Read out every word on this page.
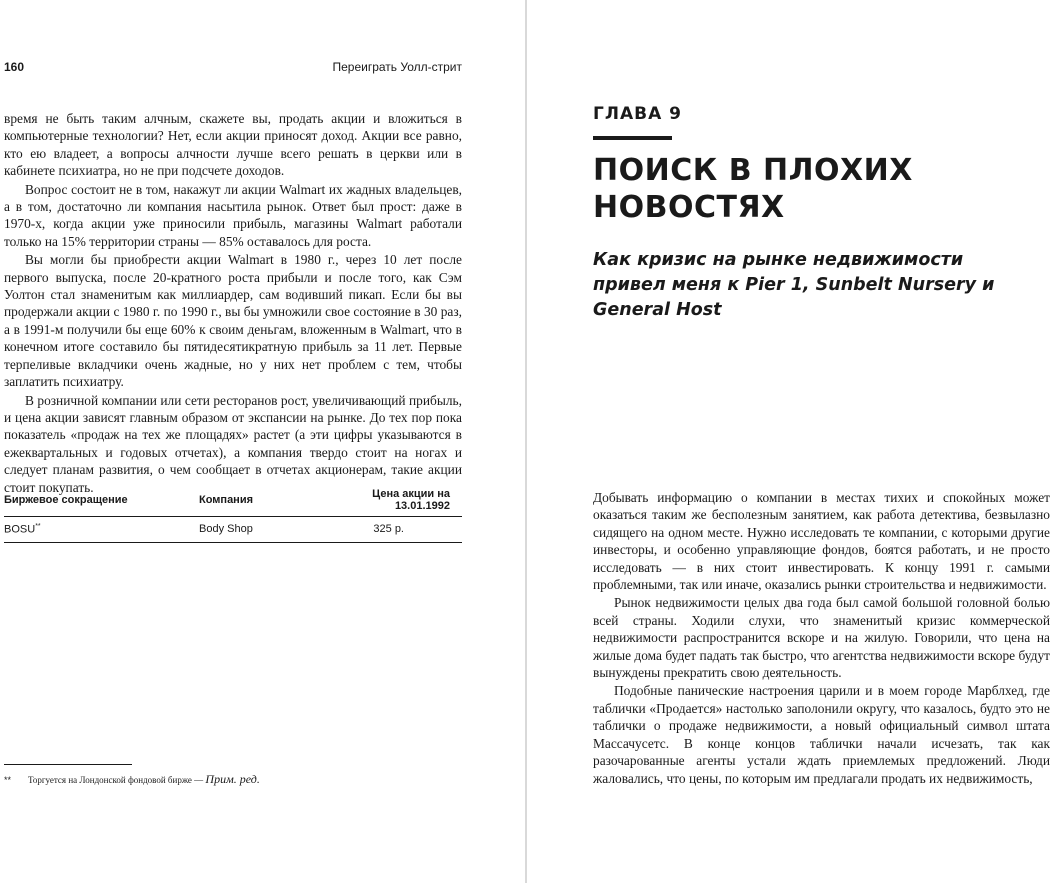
160	Переиграть Уолл-стрит

время не быть таким алчным, скажете вы, продать акции и вложиться в компьютерные технологии? Нет, если акции приносят доход. Акции все равно, кто ею владеет, а вопросы алчности лучше всего решать в церкви или в кабинете психиатра, но не при подсчете доходов.

Вопрос состоит не в том, накажут ли акции Walmart их жадных владельцев, а в том, достаточно ли компания насытила рынок. Ответ был прост: даже в 1970-х, когда акции уже приносили прибыль, магазины Walmart работали только на 15% территории страны — 85% оставалось для роста.

Вы могли бы приобрести акции Walmart в 1980 г., через 10 лет после первого выпуска, после 20-кратного роста прибыли и после того, как Сэм Уолтон стал знаменитым как миллиардер, сам водивший пикап. Если бы вы продержали акции с 1980 г. по 1990 г., вы бы умножили свое состояние в 30 раз, а в 1991-м получили бы еще 60% к своим деньгам, вложенным в Walmart, что в конечном итоге составило бы пятидесятикратную прибыль за 11 лет. Первые терпеливые вкладчики очень жадные, но у них нет проблем с тем, чтобы заплатить психиатру.

В розничной компании или сети ресторанов рост, увеличивающий прибыль, и цена акции зависят главным образом от экспансии на рынке. До тех пор пока показатель «продаж на тех же площадях» растет (а эти цифры указываются в ежеквартальных и годовых отчетах), а компания твердо стоит на ногах и следует планам развития, о чем сообщает в отчетах акционерам, такие акции стоит покупать.

Биржевое сокращение	Компания	Цена акции на 13.01.1992
BOSU**	Body Shop	325 р.
** Торгуется на Лондонской фондовой бирже — Прим. ред.
ГЛАВА 9
ПОИСК В ПЛОХИХ НОВОСТЯХ
Как кризис на рынке недвижимости привел меня к Pier 1, Sunbelt Nursery и General Host

Добывать информацию о компании в местах тихих и спокойных может оказаться таким же бесполезным занятием, как работа детектива, безвылазно сидящего на одном месте. Нужно исследовать те компании, с которыми другие инвесторы, и особенно управляющие фондов, боятся работать, и не просто исследовать — в них стоит инвестировать. К концу 1991 г. самыми проблемными, так или иначе, оказались рынки строительства и недвижимости.

Рынок недвижимости целых два года был самой большой головной болью всей страны. Ходили слухи, что знаменитый кризис коммерческой недвижимости распространится вскоре и на жилую. Говорили, что цена на жилые дома будет падать так быстро, что агентства недвижимости вскоре будут вынуждены прекратить свою деятельность.

Подобные панические настроения царили и в моем городе Марблхед, где таблички «Продается» настолько заполонили округу, что казалось, будто это не таблички о продаже недвижимости, а новый официальный символ штата Массачусетс. В конце концов таблички начали исчезать, так как разочарованные агенты устали ждать приемлемых предложений. Люди жаловались, что цены, по которым им предлагали продать их недвижимость,
